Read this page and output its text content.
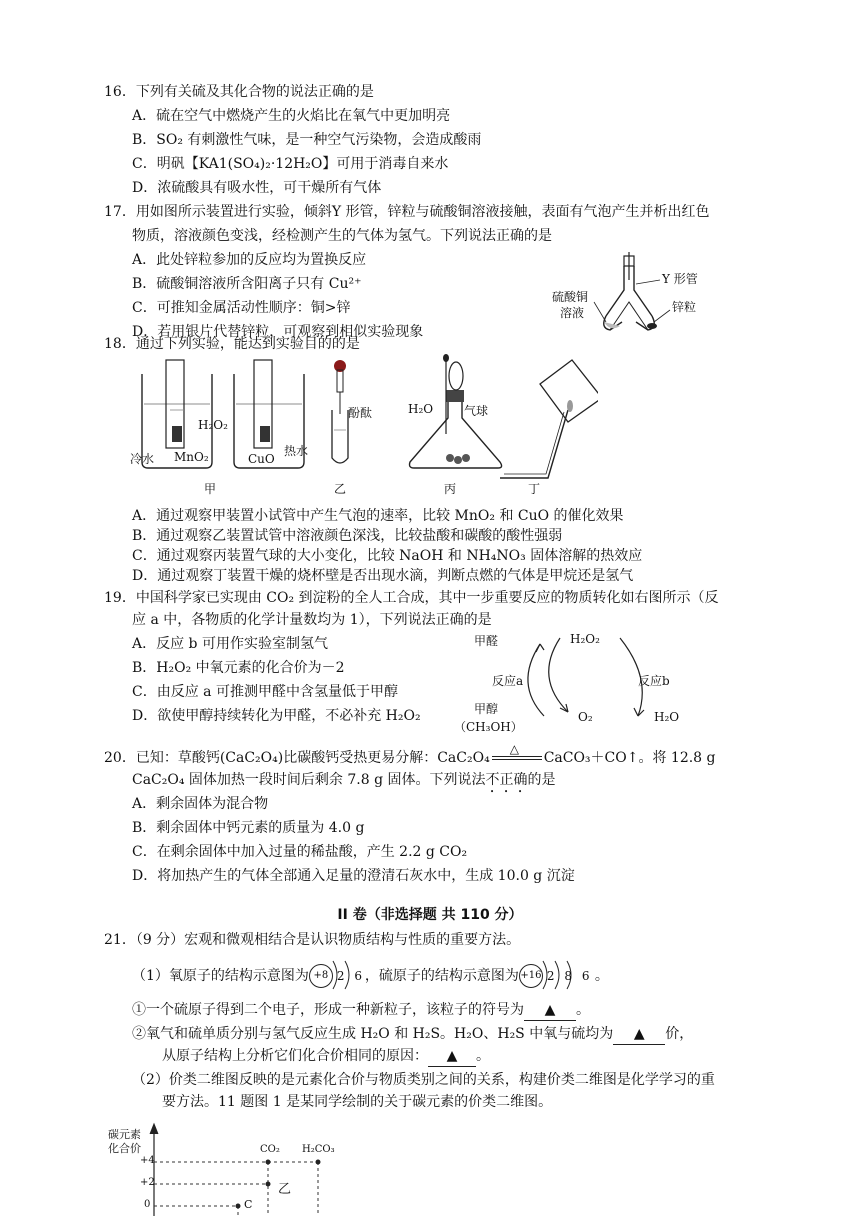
16．下列有关硫及其化合物的说法正确的是
A．硫在空气中燃烧产生的火焰比在氧气中更加明亮
B．SO₂ 有刺激性气味，是一种空气污染物，会造成酸雨
C．明矾【KA1(SO₄)₂·12H₂O】可用于消毒自来水
D．浓硫酸具有吸水性，可干燥所有气体
17．用如图所示装置进行实验，倾斜Y 形管，锌粒与硫酸铜溶液接触，表面有气泡产生并析出红色
物质，溶液颜色变浅，经检测产生的气体为氢气。下列说法正确的是
A．此处锌粒参加的反应均为置换反应
B．硫酸铜溶液所含阳离子只有 Cu²⁺
C．可推知金属活动性顺序：铜>锌
D．若用银片代替锌粒，可观察到相似实验现象
Y 形管
硫酸铜
溶液	锌粒
18．通过下列实验，能达到实验目的的是
H₂O₂
冷水 MnO₂	CuO
热水
酚酞	H₂O	气球
甲	乙	丙	丁
A．通过观察甲装置小试管中产生气泡的速率，比较 MnO₂ 和 CuO 的催化效果
B．通过观察乙装置试管中溶液颜色深浅，比较盐酸和碳酸的酸性强弱
C．通过观察丙装置气球的大小变化，比较 NaOH 和 NH₄NO₃ 固体溶解的热效应
D．通过观察丁装置干燥的烧杯壁是否出现水滴，判断点燃的气体是甲烷还是氢气
19．中国科学家已实现由 CO₂ 到淀粉的全人工合成，其中一步重要反应的物质转化如右图所示（反
应 a 中，各物质的化学计量数均为 1），下列说法正确的是
A．反应 b 可用作实验室制氢气
B．H₂O₂ 中氧元素的化合价为－2
C．由反应 a 可推测甲醛中含氢量低于甲醇
D．欲使甲醇持续转化为甲醛，不必补充 H₂O₂
甲醛	H₂O₂
反应a	反应b
甲醇
（CH₃OH）
O₂	H₂O
20．已知：草酸钙(CaC₂O₄)比碳酸钙受热更易分解：CaC₂O₄
△
CaCO₃＋CO↑。将 12.8 g
CaC₂O₄ 固体加热一段时间后剩余 7.8 g 固体。下列说法不正确的是
A．剩余固体为混合物
B．剩余固体中钙元素的质量为 4.0 g
C．在剩余固体中加入过量的稀盐酸，产生 2.2 g CO₂
D．将加热产生的气体全部通入足量的澄清石灰水中，生成 10.0 g 沉淀
II 卷（非选择题 共 110 分）
21．（9 分）宏观和微观相结合是认识物质结构与性质的重要方法。
（1）氧原子的结构示意图为 +8 2 6 ，硫原子的结构示意图为 +16 2 8 6 。
①一个硫原子得到二个电子，形成一种新粒子，该粒子的符号为 ▲ 。
②氧气和硫单质分别与氢气反应生成 H₂O 和 H₂S。H₂O、H₂S 中氧与硫均为 ▲ 价，
从原子结构上分析它们化合价相同的原因： ▲ 。
（2）价类二维图反映的是元素化合价与物质类别之间的关系，构建价类二维图是化学学习的重
要方法。11 题图 1 是某同学绘制的关于碳元素的价类二维图。
碳元素
化合价
+4
+2
0
CO₂ H₂CO₃
乙
C
